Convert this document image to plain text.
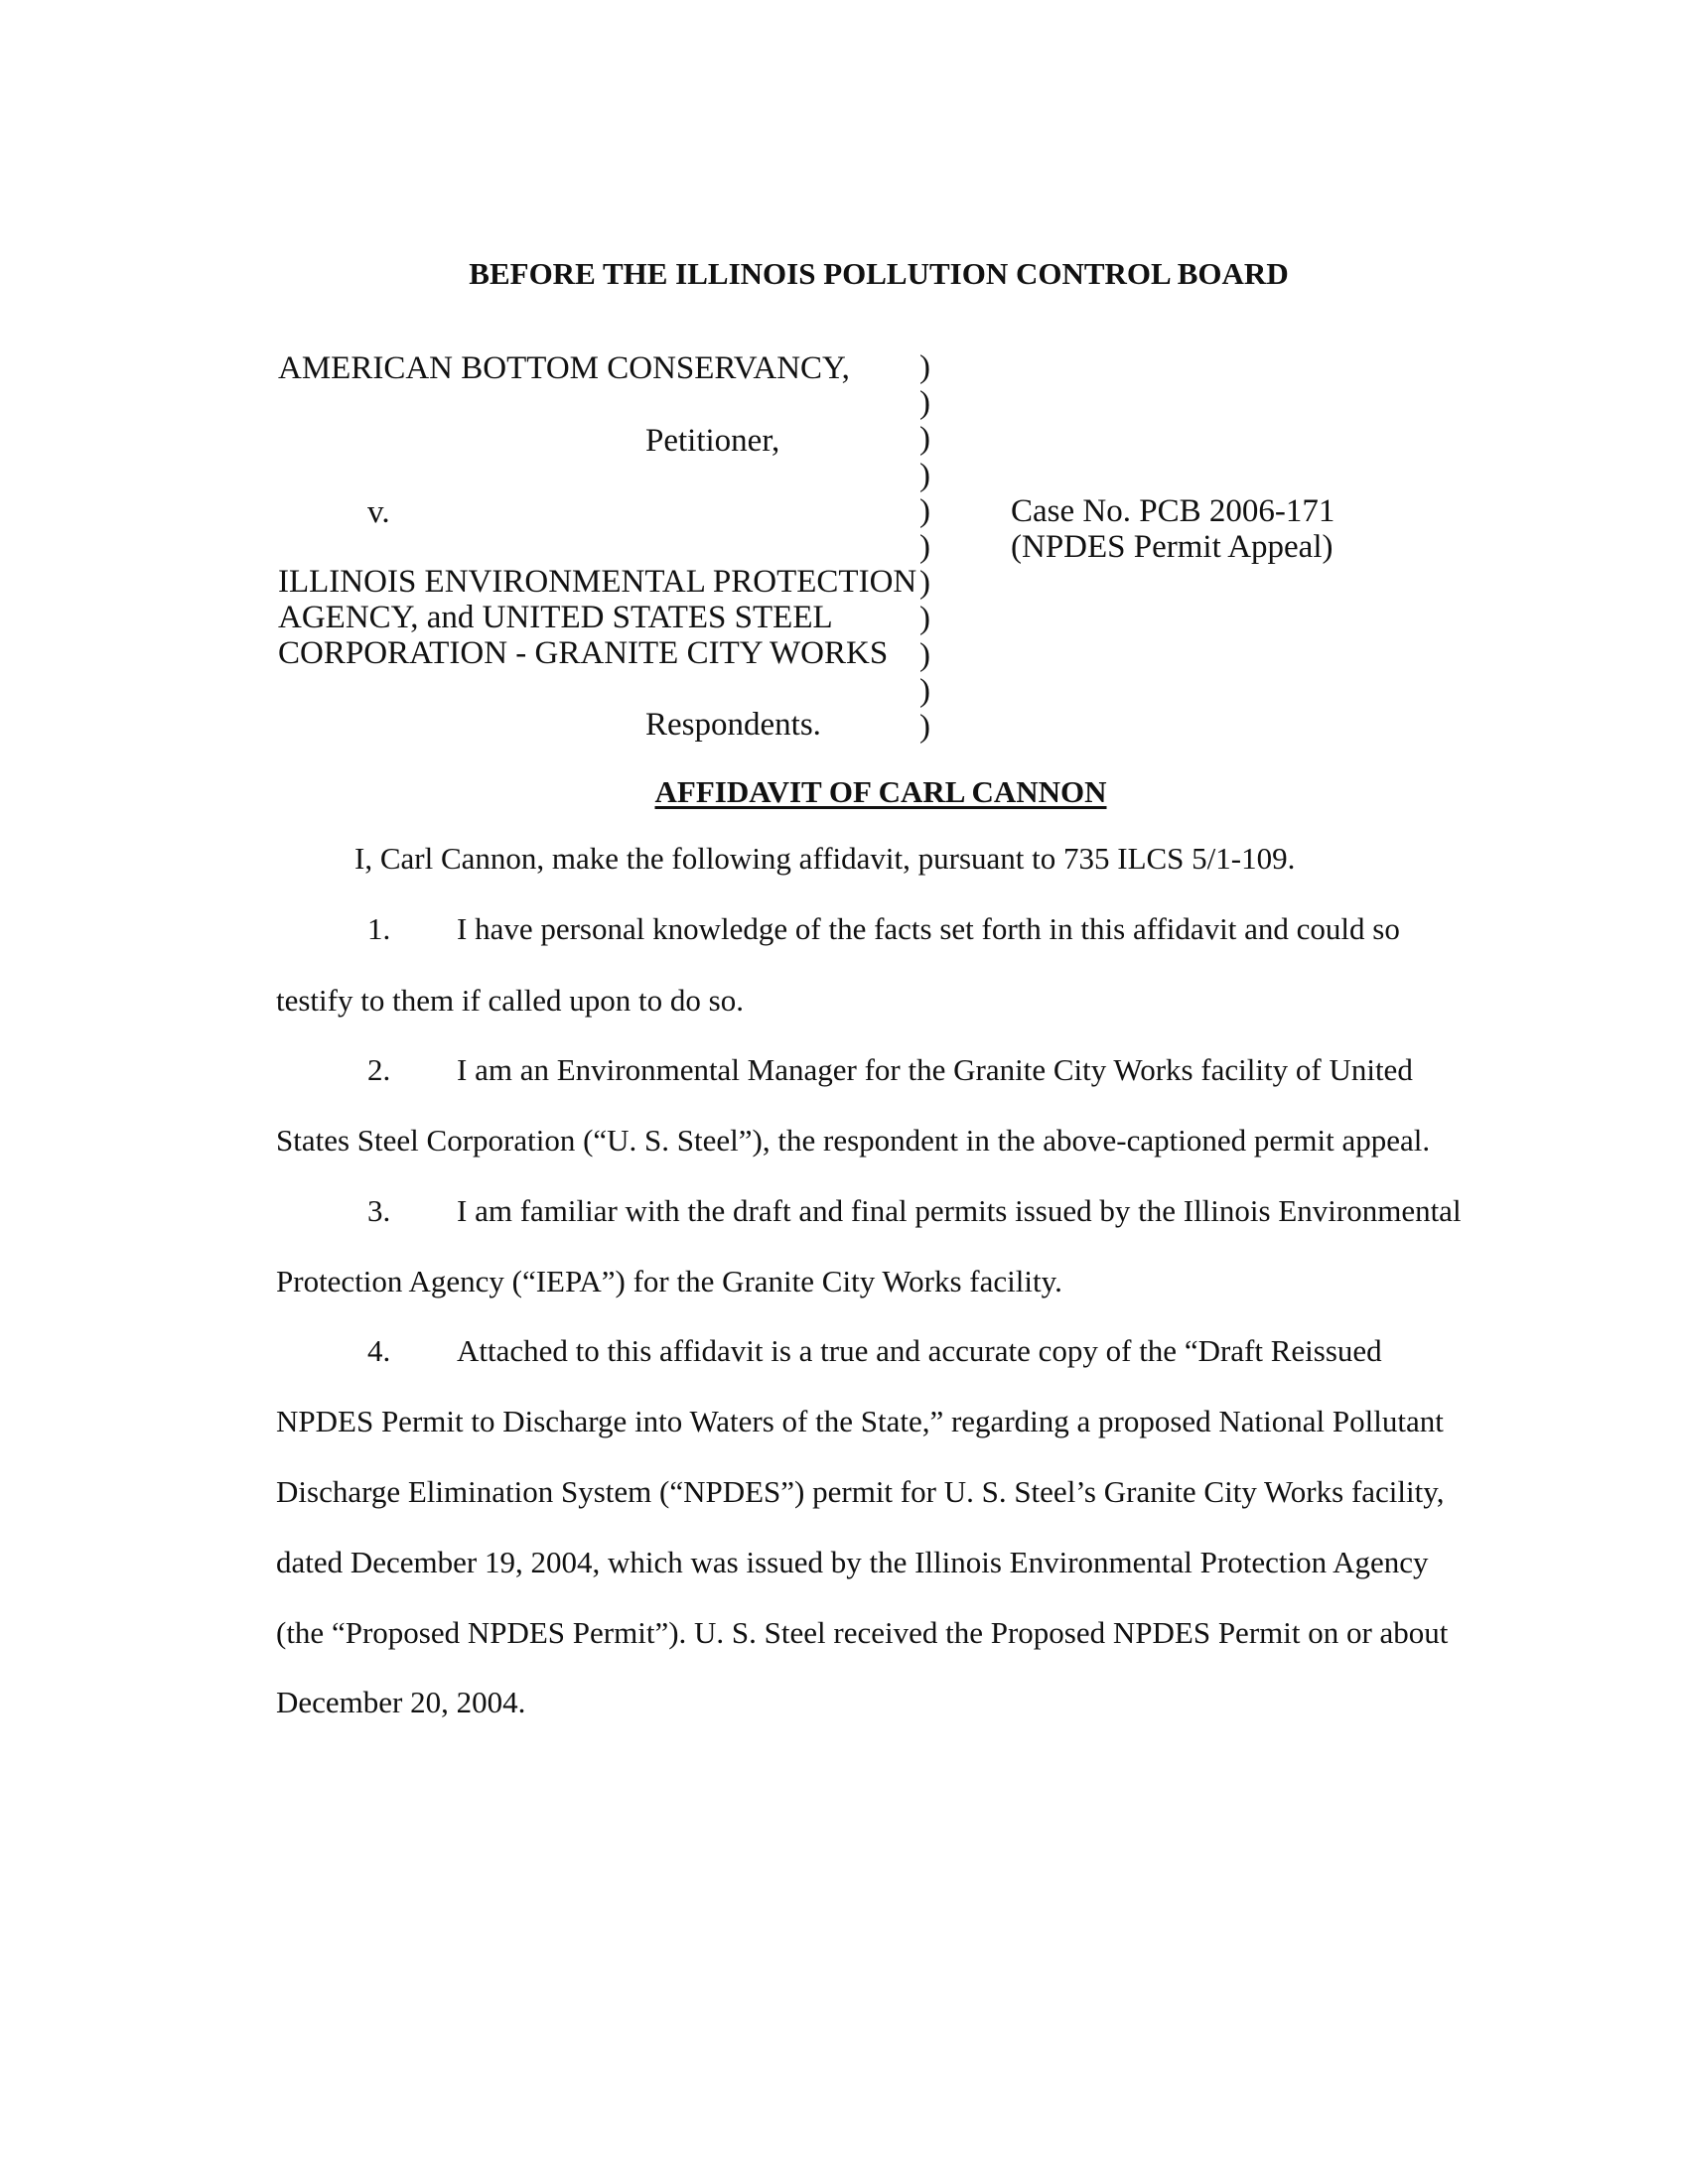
BEFORE THE ILLINOIS POLLUTION CONTROL BOARD
AMERICAN BOTTOM CONSERVANCY,
Petitioner,
v.
ILLINOIS ENVIRONMENTAL PROTECTION
AGENCY, and UNITED STATES STEEL
CORPORATION - GRANITE CITY WORKS
Respondents.
)
)
)
)
)
)
)
)
)
)
)
Case No. PCB 2006-171
(NPDES Permit Appeal)
AFFIDAVIT OF CARL CANNON
I, Carl Cannon, make the following affidavit, pursuant to 735 ILCS 5/1-109.
1. I have personal knowledge of the facts set forth in this affidavit and could so
testify to them if called upon to do so.
2. I am an Environmental Manager for the Granite City Works facility of United
States Steel Corporation (“U. S. Steel”), the respondent in the above-captioned permit appeal.
3. I am familiar with the draft and final permits issued by the Illinois Environmental
Protection Agency (“IEPA”) for the Granite City Works facility.
4. Attached to this affidavit is a true and accurate copy of the “Draft Reissued
NPDES Permit to Discharge into Waters of the State,” regarding a proposed National Pollutant
Discharge Elimination System (“NPDES”) permit for U. S. Steel’s Granite City Works facility,
dated December 19, 2004, which was issued by the Illinois Environmental Protection Agency
(the “Proposed NPDES Permit”). U. S. Steel received the Proposed NPDES Permit on or about
December 20, 2004.
